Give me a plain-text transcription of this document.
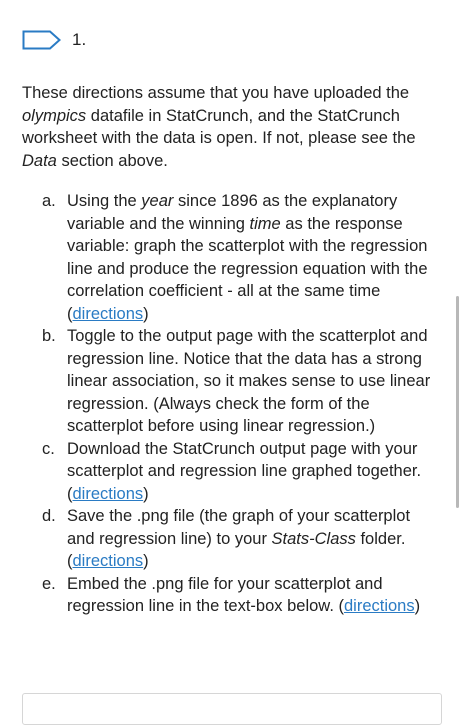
1.

These directions assume that you have uploaded the olympics datafile in StatCrunch, and the StatCrunch worksheet with the data is open. If not, please see the Data section above.

a. Using the year since 1896 as the explanatory variable and the winning time as the response variable: graph the scatterplot with the regression line and produce the regression equation with the correlation coefficient - all at the same time (directions)
b. Toggle to the output page with the scatterplot and regression line. Notice that the data has a strong linear association, so it makes sense to use linear regression. (Always check the form of the scatterplot before using linear regression.)
c. Download the StatCrunch output page with your scatterplot and regression line graphed together. (directions)
d. Save the .png file (the graph of your scatterplot and regression line) to your Stats-Class folder. (directions)
e. Embed the .png file for your scatterplot and regression line in the text-box below. (directions)
